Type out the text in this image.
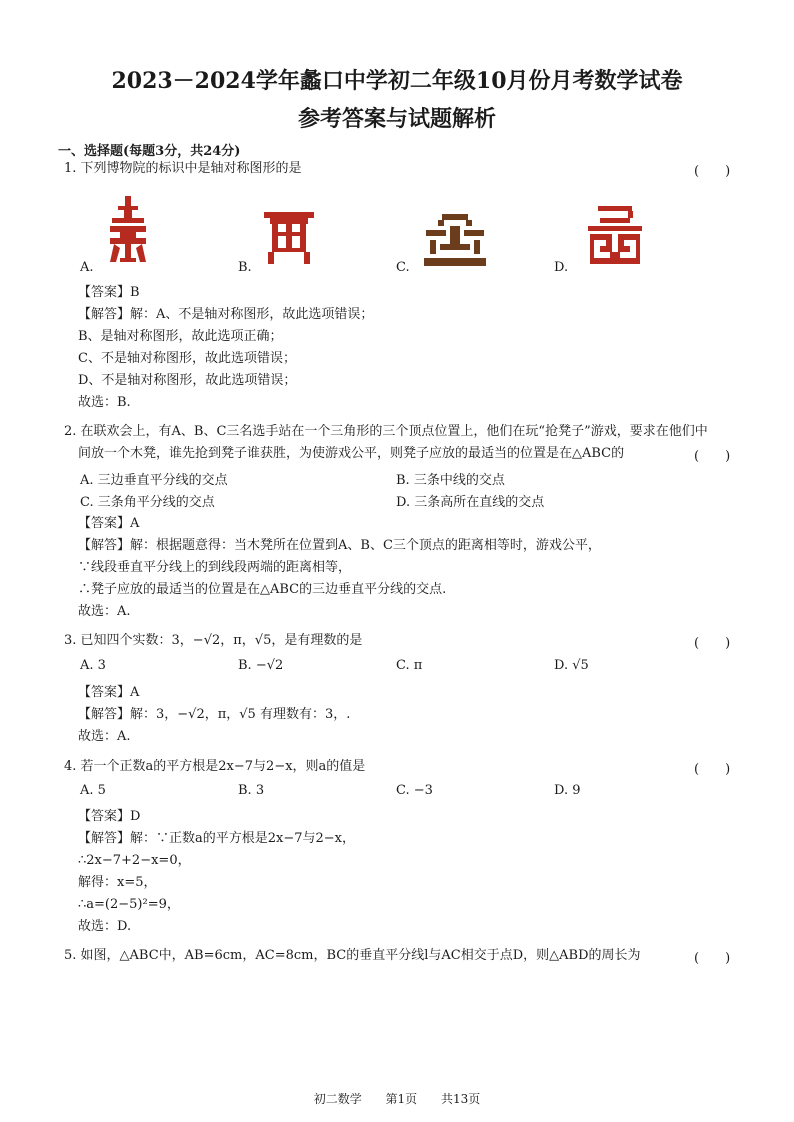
2023－2024学年蠡口中学初二年级10月份月考数学试卷
参考答案与试题解析
一、选择题(每题3分，共24分)
1. 下列博物院的标识中是轴对称图形的是	(　　)
A.	B.	C.	D.
【答案】B
【解答】解：A、不是轴对称图形，故此选项错误；
B、是轴对称图形，故此选项正确；
C、不是轴对称图形，故此选项错误；
D、不是轴对称图形，故此选项错误；
故选：B.
2. 在联欢会上，有A、B、C三名选手站在一个三角形的三个顶点位置上，他们在玩“抢凳子”游戏，要求在他们中
间放一个木凳，谁先抢到凳子谁获胜，为使游戏公平，则凳子应放的最适当的位置是在△ABC的	(　　)
A. 三边垂直平分线的交点	B. 三条中线的交点
C. 三条角平分线的交点	D. 三条高所在直线的交点
【答案】A
【解答】解：根据题意得：当木凳所在位置到A、B、C三个顶点的距离相等时，游戏公平，
∵线段垂直平分线上的到线段两端的距离相等，
∴凳子应放的最适当的位置是在△ABC的三边垂直平分线的交点.
故选：A.
3. 已知四个实数：3，−√2，π，√5，是有理数的是	(　　)
A. 3	B. −√2	C. π	D. √5
【答案】A
【解答】解：3，−√2，π，√5 有理数有：3，.
故选：A.
4. 若一个正数a的平方根是2x−7与2−x，则a的值是	(　　)
A. 5	B. 3	C. −3	D. 9
【答案】D
【解答】解：∵正数a的平方根是2x−7与2−x，
∴2x−7+2−x=0，
解得：x=5，
∴a=(2−5)²=9，
故选：D.
5. 如图，△ABC中，AB=6cm，AC=8cm，BC的垂直平分线l与AC相交于点D，则△ABD的周长为	(　　)
初二数学 第1页 共13页
